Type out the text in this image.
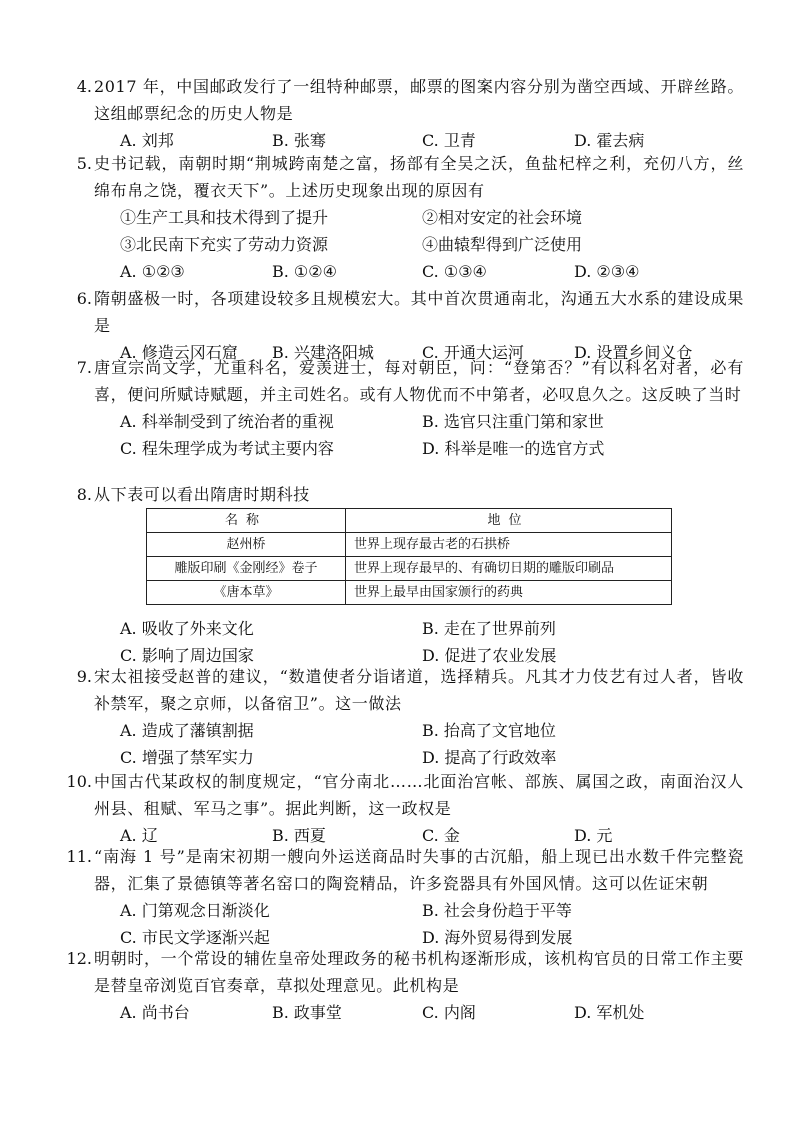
4. 2017 年，中国邮政发行了一组特种邮票，邮票的图案内容分别为凿空西域、开辟丝路。这组邮票纪念的历史人物是
A. 刘邦	B. 张骞	C. 卫青	D. 霍去病
5. 史书记载，南朝时期“荆城跨南楚之富，扬部有全吴之沃，鱼盐杞梓之利，充仞八方，丝绵布帛之饶，覆衣天下”。上述历史现象出现的原因有
①生产工具和技术得到了提升	②相对安定的社会环境
③北民南下充实了劳动力资源	④曲辕犁得到广泛使用
A. ①②③	B. ①②④	C. ①③④	D. ②③④
6. 隋朝盛极一时，各项建设较多且规模宏大。其中首次贯通南北，沟通五大水系的建设成果是
A. 修造云冈石窟 B. 兴建洛阳城	C. 开通大运河	D. 设置乡间义仓
7. 唐宣宗尚文学，尤重科名，爱羡进士，每对朝臣，问：“登第否？”有以科名对者，必有喜，便问所赋诗赋题，并主司姓名。或有人物优而不中第者，必叹息久之。这反映了当时
A. 科举制受到了统治者的重视	B. 选官只注重门第和家世
C. 程朱理学成为考试主要内容	D. 科举是唯一的选官方式
8. 从下表可以看出隋唐时期科技
名称	地位
赵州桥	世界上现存最古老的石拱桥
雕版印刷《金刚经》卷子	世界上现存最早的、有确切日期的雕版印刷品
《唐本草》	世界上最早由国家颁行的药典
A. 吸收了外来文化	B. 走在了世界前列
C. 影响了周边国家	D. 促进了农业发展
9. 宋太祖接受赵普的建议，“数遣使者分诣诸道，选择精兵。凡其才力伎艺有过人者，皆收补禁军，聚之京师，以备宿卫”。这一做法
A. 造成了藩镇割据	B. 抬高了文官地位
C. 增强了禁军实力	D. 提高了行政效率
10. 中国古代某政权的制度规定，“官分南北……北面治宫帐、部族、属国之政，南面治汉人州县、租赋、军马之事”。据此判断，这一政权是
A. 辽	B. 西夏	C. 金	D. 元
11. “南海 1 号”是南宋初期一艘向外运送商品时失事的古沉船，船上现已出水数千件完整瓷器，汇集了景德镇等著名窑口的陶瓷精品，许多瓷器具有外国风情。这可以佐证宋朝
A. 门第观念日渐淡化	B. 社会身份趋于平等
C. 市民文学逐渐兴起	D. 海外贸易得到发展
12. 明朝时，一个常设的辅佐皇帝处理政务的秘书机构逐渐形成，该机构官员的日常工作主要是替皇帝浏览百官奏章，草拟处理意见。此机构是
A. 尚书台	B. 政事堂	C. 内阁	D. 军机处
